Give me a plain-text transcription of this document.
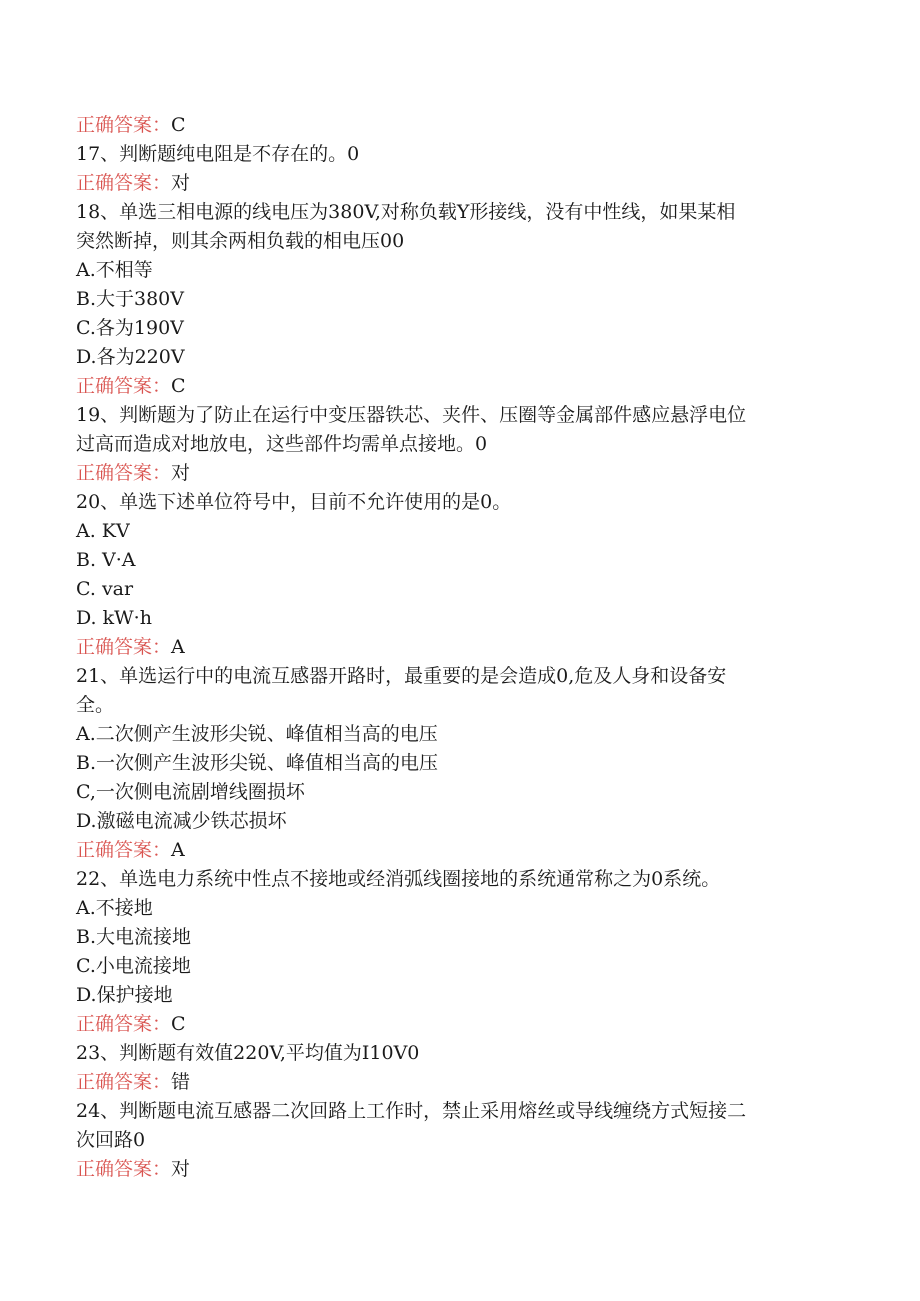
正确答案：C
17、判断题纯电阻是不存在的。0
正确答案：对
18、单选三相电源的线电压为380V,对称负载Y形接线，没有中性线，如果某相
突然断掉，则其余两相负载的相电压00
A.不相等
B.大于380V
C.各为190V
D.各为220V
正确答案：C
19、判断题为了防止在运行中变压器铁芯、夹件、压圈等金属部件感应悬浮电位
过高而造成对地放电，这些部件均需单点接地。0
正确答案：对
20、单选下述单位符号中，目前不允许使用的是0。
A. KV
B. V·A
C. var
D. kW·h
正确答案：A
21、单选运行中的电流互感器开路时，最重要的是会造成0,危及人身和设备安
全。
A.二次侧产生波形尖锐、峰值相当高的电压
B.一次侧产生波形尖锐、峰值相当高的电压
C,一次侧电流剧增线圈损坏
D.激磁电流减少铁芯损坏
正确答案：A
22、单选电力系统中性点不接地或经消弧线圈接地的系统通常称之为0系统。
A.不接地
B.大电流接地
C.小电流接地
D.保护接地
正确答案：C
23、判断题有效值220V,平均值为I10V0
正确答案：错
24、判断题电流互感器二次回路上工作时，禁止采用熔丝或导线缠绕方式短接二
次回路0
正确答案：对
